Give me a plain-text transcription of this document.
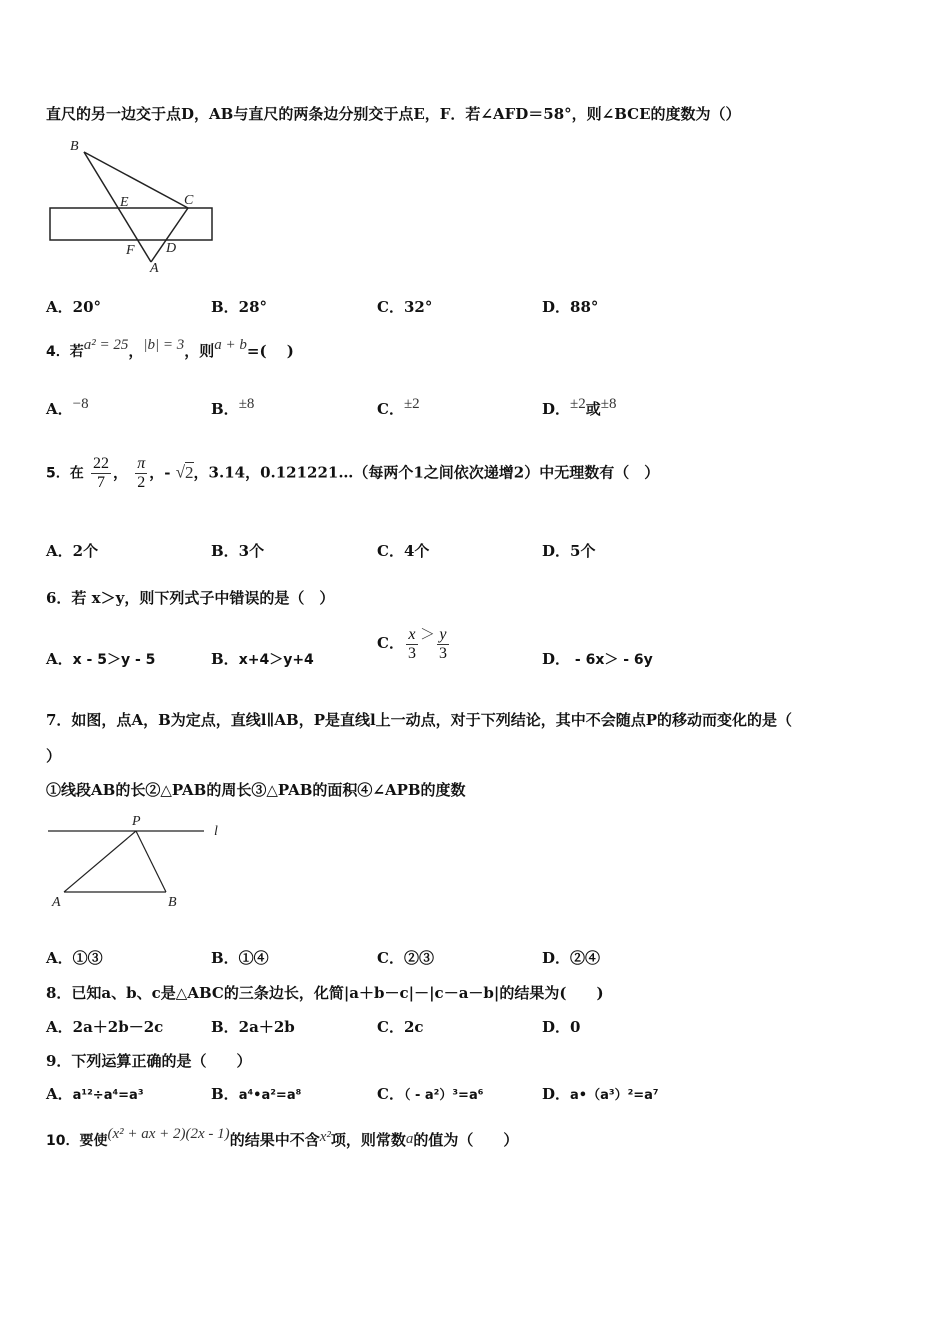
直尺的另一边交于点D，AB与直尺的两条边分别交于点E，F．若∠AFD＝58°，则∠BCE的度数为（）
B
E	C
F D
A
A．20°	B．28°	C．32°	D．88°
4．若a² = 25，|b| = 3，则a + b=(　 )
A．−8	B．±8	C．±2	D．±2或±8
5．在 $\frac{22}{7}$ ， $\frac{\pi}{2}$ ，- √2，3.14，0.121221…（每两个1之间依次递增2）中无理数有（　）
A．2个	B．3个	C．4个	D．5个
6．若 x＞y，则下列式子中错误的是（　）
A．x - 5＞y - 5	B．x+4＞y+4
C． $\frac{x}{3} > \frac{y}{3}$	D． - 6x＞ - 6y
7．如图，点A，B为定点，直线l∥AB，P是直线l上一动点，对于下列结论，其中不会随点P的移动而变化的是（
）
①线段AB的长②△PAB的周长③△PAB的面积④∠APB的度数
P
l
A	B
A．①③	B．①④	C．②③	D．②④
8．已知a、b、c是△ABC的三条边长，化简|a＋b－c|－|c－a－b|的结果为(　　)
A．2a＋2b－2c	B．2a＋2b	C．2c	D．0
9．下列运算正确的是（　　）
A．a¹²÷a⁴=a³	B．a⁴•a²=a⁸	C．（ - a²）³=a⁶	D．a•（a³）²=a⁷
10．要使(x² + ax + 2)(2x - 1)的结果中不含x²项，则常数a的值为（　　）
